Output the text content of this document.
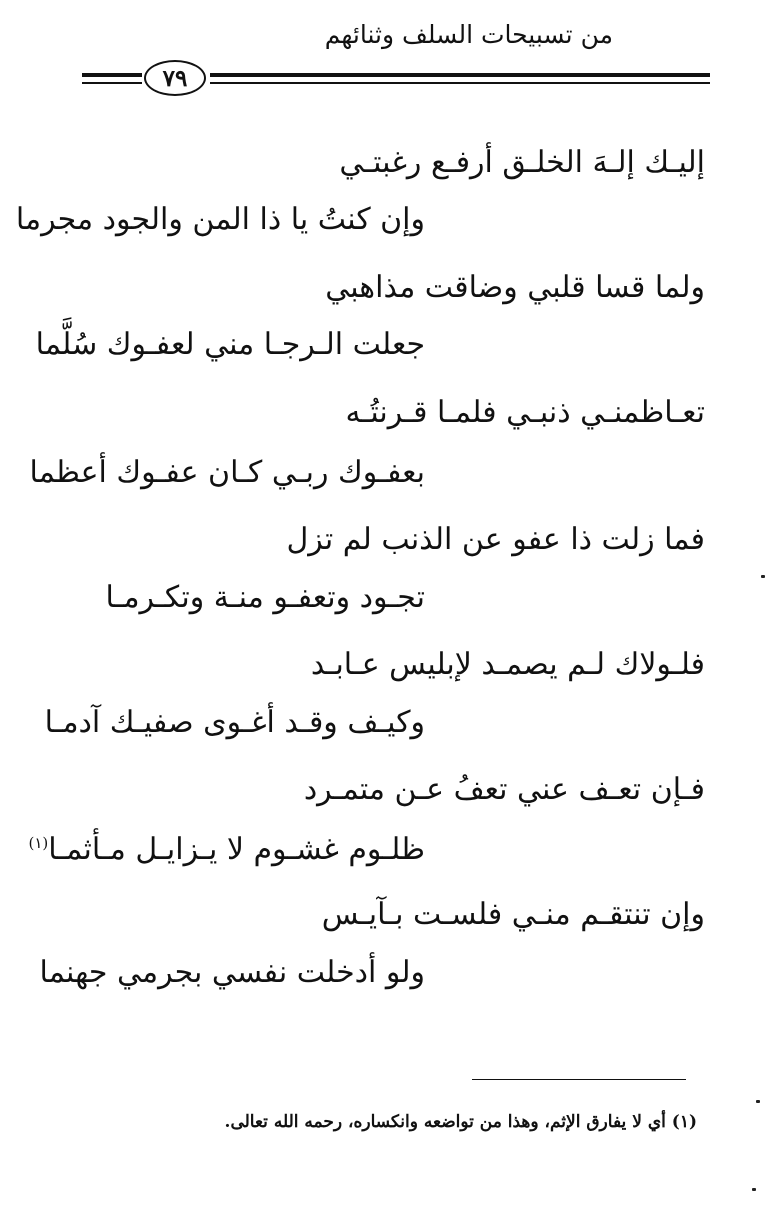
من تسبيحات السلف وثنائهم
٧٩
إليـك إلـهَ الخلـق أرفـع رغبتـي
وإن كنتُ يا ذا المن والجود مجرما
ولما قسا قلبي وضاقت مذاهبي
جعلت الـرجـا مني لعفـوك سُلَّما
تعـاظمنـي ذنبـي فلمـا قـرنتُـه
بعفـوك ربـي كـان عفـوك أعظما
فما زلت ذا عفو عن الذنب لم تزل
تجـود وتعفـو منـة وتكـرمـا
فلـولاك لـم يصمـد لإبليس عـابـد
وكيـف وقـد أغـوى صفيـك آدمـا
فـإن تعـف عني تعفُ عـن متمـرد
ظلـوم غشـوم لا يـزايـل مـأثمـا$^{(١)}$
وإن تنتقـم منـي فلسـت بـآيـس
ولو أدخلت نفسي بجرمي جهنما
(١) أي لا يفارق الإثم، وهذا من تواضعه وانكساره، رحمه الله تعالى.
